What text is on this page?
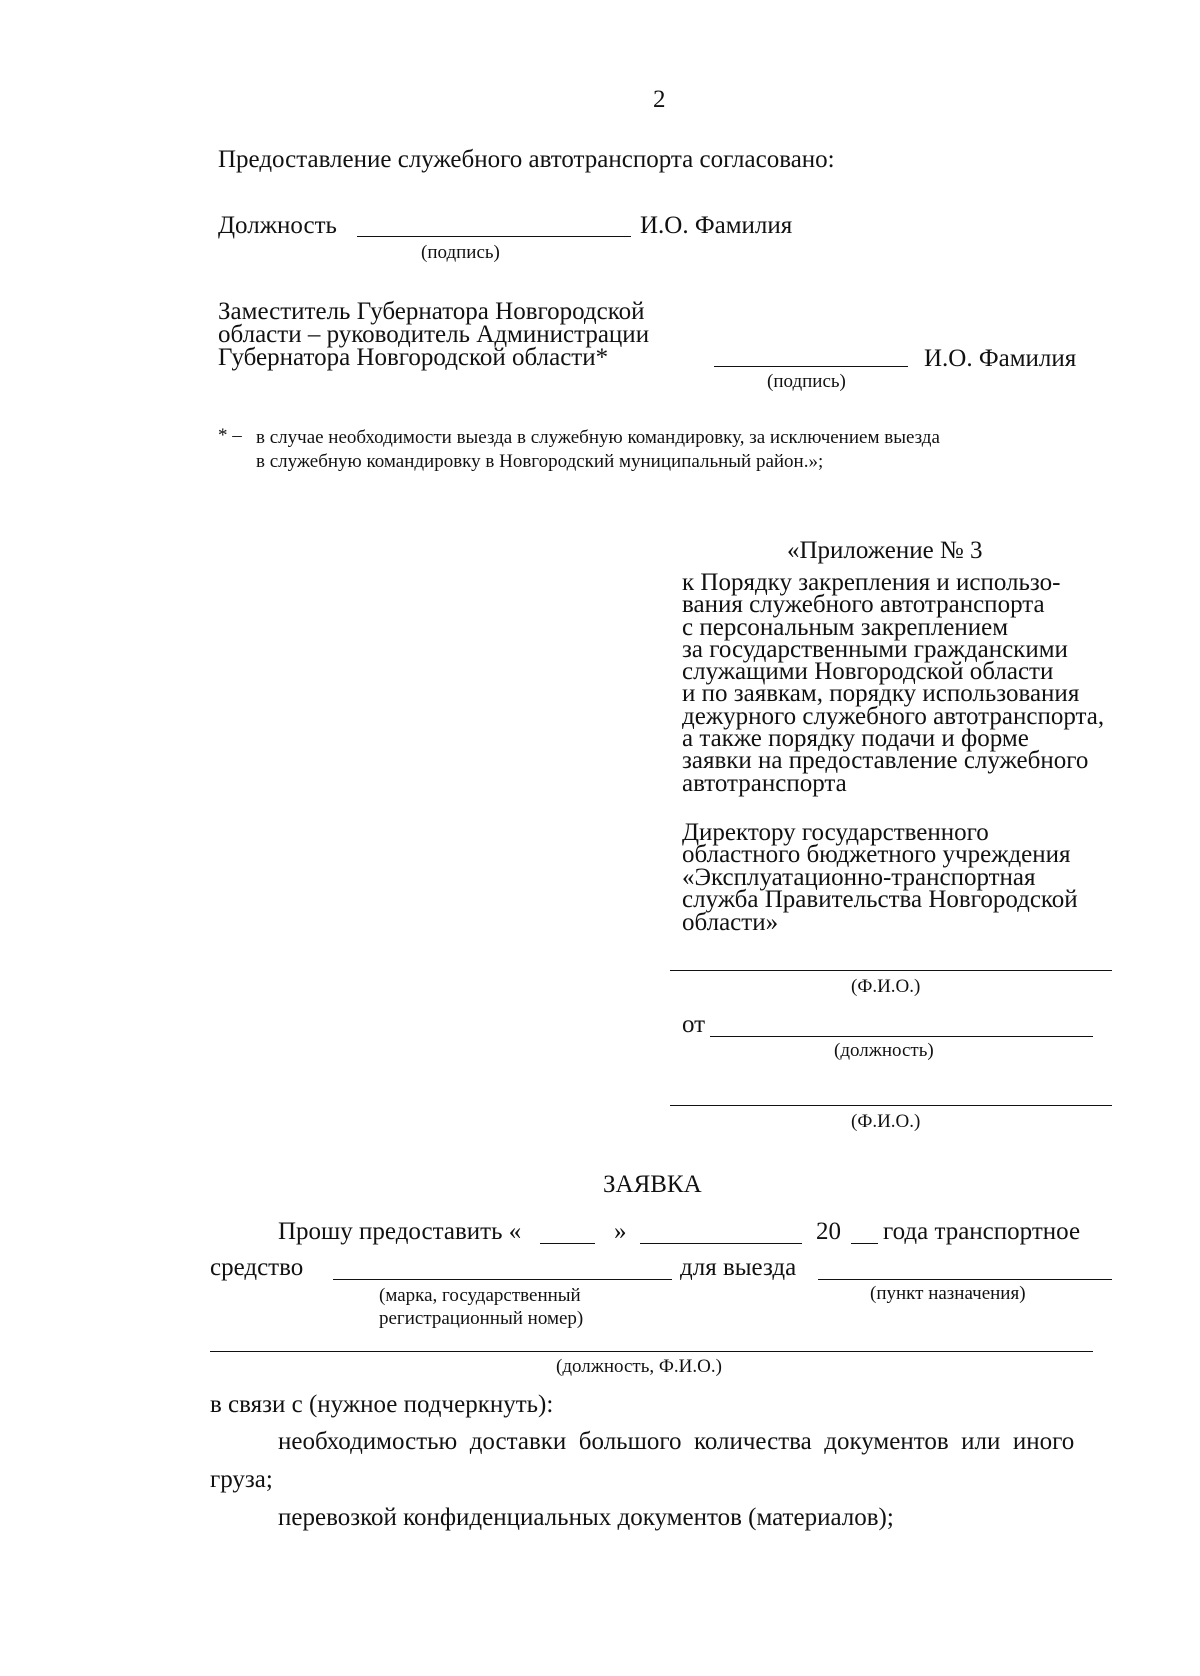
2
Предоставление служебного автотранспорта согласовано:
Должность	И.О. Фамилия
(подпись)
Заместитель Губернатора Новгородской
области – руководитель Администрации
Губернатора Новгородской области*	И.О. Фамилия
(подпись)
* – в случае необходимости выезда в служебную командировку, за исключением выезда
в служебную командировку в Новгородский муниципальный район.»;
«Приложение № 3
к Порядку закрепления и использо-
вания служебного автотранспорта
с персональным закреплением
за государственными гражданскими
служащими Новгородской области
и по заявкам, порядку использования
дежурного служебного автотранспорта,
а также порядку подачи и форме
заявки на предоставление служебного
автотранспорта
Директору государственного
областного бюджетного учреждения
«Эксплуатационно-транспортная
служба Правительства Новгородской
области»
(Ф.И.О.)
от
(должность)
(Ф.И.О.)
ЗАЯВКА
Прошу предоставить «	»	20 года транспортное
средство	для выезда
(марка, государственный
регистрационный номер)
(пункт назначения)
(должность, Ф.И.О.)
в связи с (нужное подчеркнуть):
необходимостью  доставки  большого  количества  документов  или  иного
груза;
перевозкой конфиденциальных документов (материалов);
